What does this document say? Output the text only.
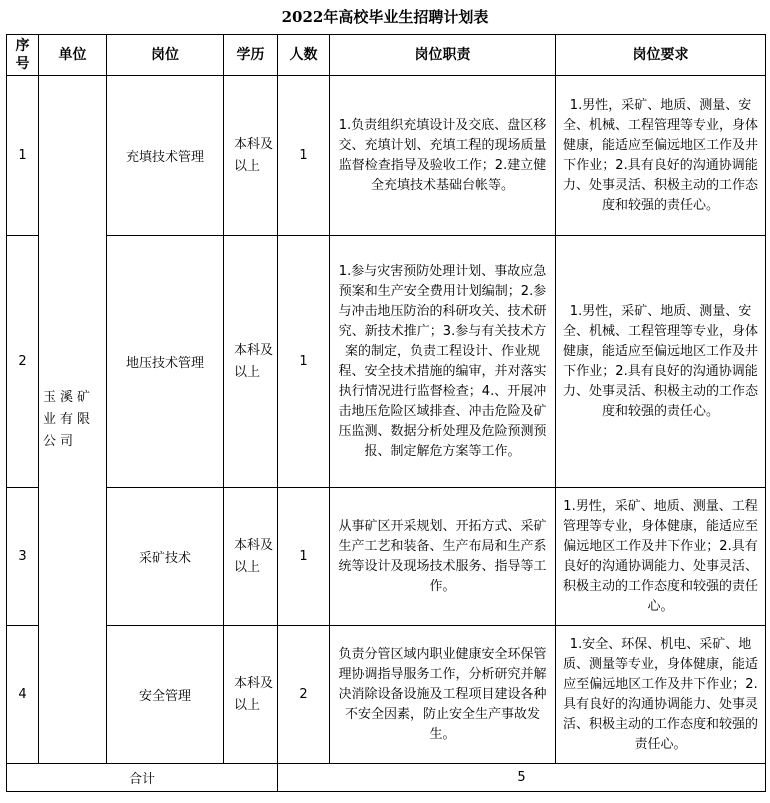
2022年高校毕业生招聘计划表
序号	单位	岗位	学历	人数	岗位职责	岗位要求
1	玉溪矿业有限公司	充填技术管理	本科及以上	1	1.负责组织充填设计及交底、盘区移交、充填计划、充填工程的现场质量监督检查指导及验收工作；2.建立健全充填技术基础台帐等。	1.男性，采矿、地质、测量、安全、机械、工程管理等专业，身体健康，能适应至偏远地区工作及井下作业；2.具有良好的沟通协调能力、处事灵活、积极主动的工作态度和较强的责任心。

2		地压技术管理	本科及以上	1	1.参与灾害预防处理计划、事故应急预案和生产安全费用计划编制；2.参与冲击地压防治的科研攻关、技术研究、新技术推广；3.参与有关技术方案的制定，负责工程设计、作业规程、安全技术措施的编审，并对落实执行情况进行监督检查；4.、开展冲击地压危险区域排查、冲击危险及矿压监测、数据分析处理及危险预测预报、制定解危方案等工作。	1.男性，采矿、地质、测量、安全、机械、工程管理等专业，身体健康，能适应至偏远地区工作及井下作业；2.具有良好的沟通协调能力、处事灵活、积极主动的工作态度和较强的责任心。

3		采矿技术	本科及以上	1	从事矿区开采规划、开拓方式、采矿生产工艺和装备、生产布局和生产系统等设计及现场技术服务、指导等工作。	1.男性，采矿、地质、测量、工程管理等专业，身体健康，能适应至偏远地区工作及井下作业；2.具有良好的沟通协调能力、处事灵活、积极主动的工作态度和较强的责任心。

4		安全管理	本科及以上	2	负责分管区域内职业健康安全环保管理协调指导服务工作，分析研究并解决消除设备设施及工程项目建设各种不安全因素，防止安全生产事故发生。	1.安全、环保、机电、采矿、地质、测量等专业，身体健康，能适应至偏远地区工作及井下作业；2.具有良好的沟通协调能力、处事灵活、积极主动的工作态度和较强的责任心。

合计				5		
